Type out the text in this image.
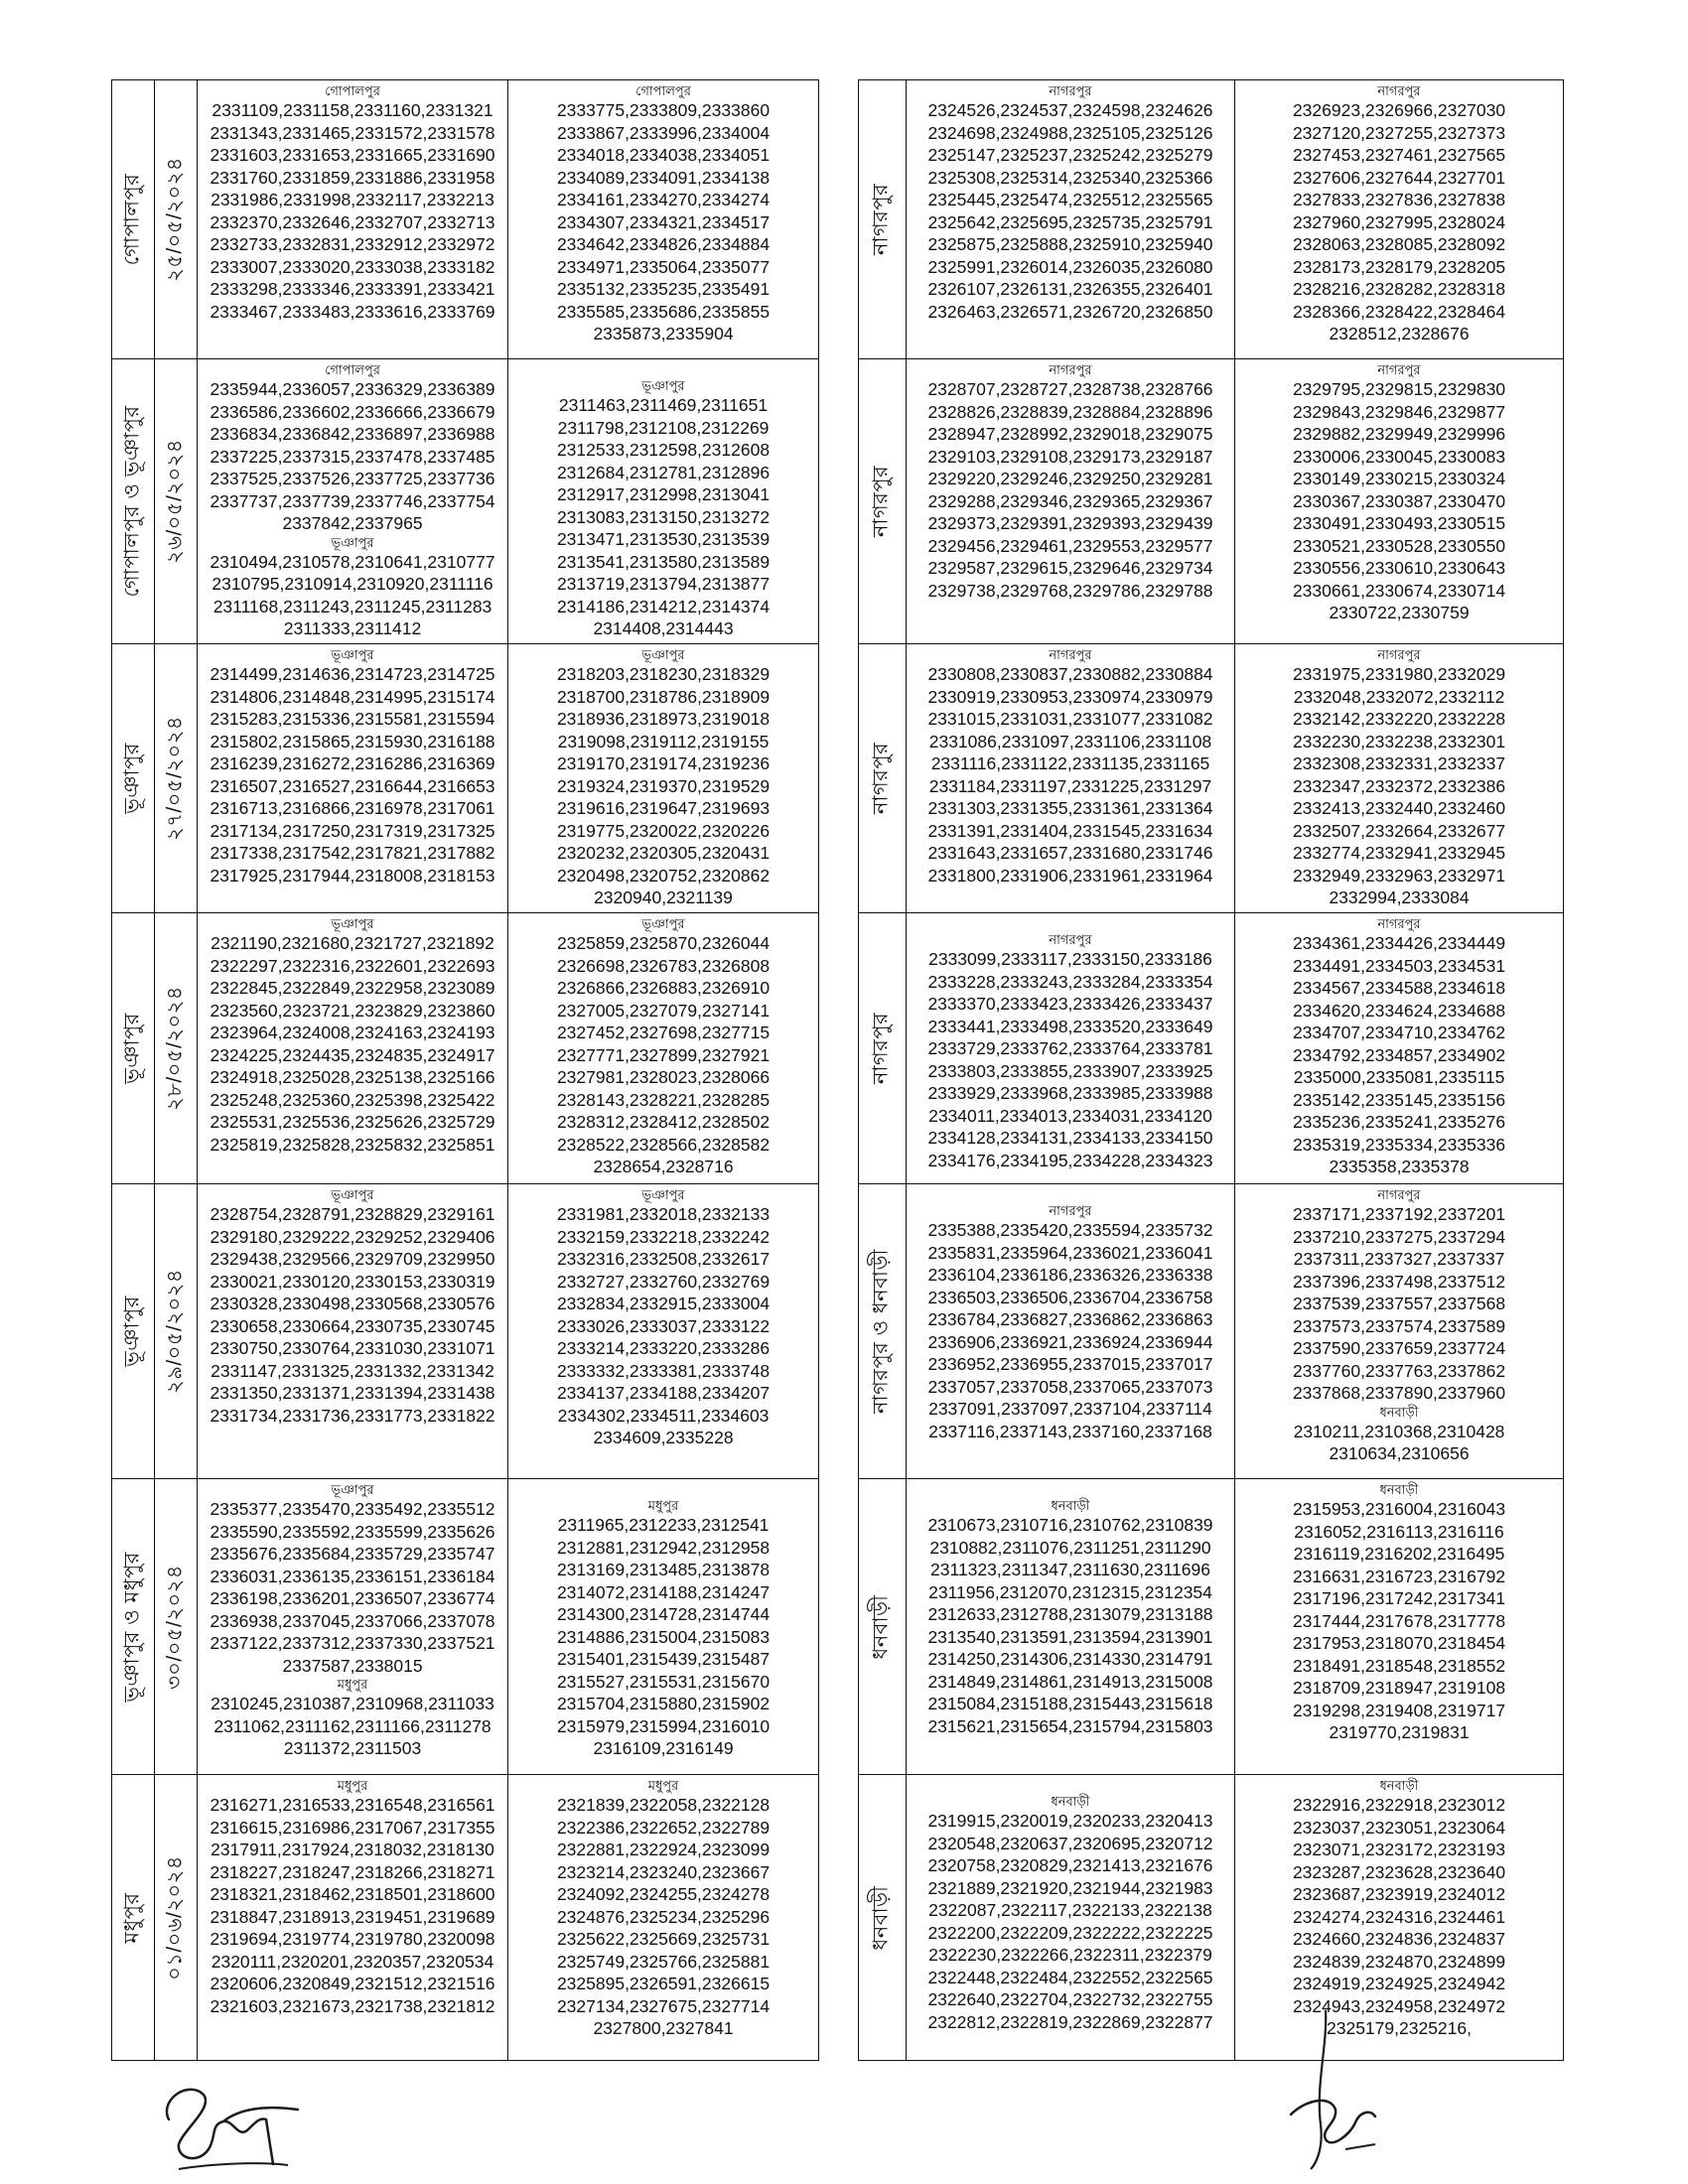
গোপালপুর ২৫/০৫/২০২৪
গোপালপুর
2331109,2331158,2331160,2331321
2331343,2331465,2331572,2331578
2331603,2331653,2331665,2331690
2331760,2331859,2331886,2331958
2331986,2331998,2332117,2332213
2332370,2332646,2332707,2332713
2332733,2332831,2332912,2332972
2333007,2333020,2333038,2333182
2333298,2333346,2333391,2333421
2333467,2333483,2333616,2333769
গোপালপুর
2333775,2333809,2333860
2333867,2333996,2334004
2334018,2334038,2334051
2334089,2334091,2334138
2334161,2334270,2334274
2334307,2334321,2334517
2334642,2334826,2334884
2334971,2335064,2335077
2335132,2335235,2335491
2335585,2335686,2335855
2335873,2335904
গোপালপুর ও ভূঞাপুর ২৬/০৫/২০২৪
গোপালপুর
2335944,2336057,2336329,2336389
2336586,2336602,2336666,2336679
2336834,2336842,2336897,2336988
2337225,2337315,2337478,2337485
2337525,2337526,2337725,2337736
2337737,2337739,2337746,2337754
2337842,2337965
ভূঞাপুর
2310494,2310578,2310641,2310777
2310795,2310914,2310920,2311116
2311168,2311243,2311245,2311283
2311333,2311412
ভূঞাপুর
2311463,2311469,2311651
2311798,2312108,2312269
2312533,2312598,2312608
2312684,2312781,2312896
2312917,2312998,2313041
2313083,2313150,2313272
2313471,2313530,2313539
2313541,2313580,2313589
2313719,2313794,2313877
2314186,2314212,2314374
2314408,2314443
ভূঞাপুর ২৭/০৫/২০২৪
ভূঞাপুর
2314499,2314636,2314723,2314725
2314806,2314848,2314995,2315174
2315283,2315336,2315581,2315594
2315802,2315865,2315930,2316188
2316239,2316272,2316286,2316369
2316507,2316527,2316644,2316653
2316713,2316866,2316978,2317061
2317134,2317250,2317319,2317325
2317338,2317542,2317821,2317882
2317925,2317944,2318008,2318153
ভূঞাপুর
2318203,2318230,2318329
2318700,2318786,2318909
2318936,2318973,2319018
2319098,2319112,2319155
2319170,2319174,2319236
2319324,2319370,2319529
2319616,2319647,2319693
2319775,2320022,2320226
2320232,2320305,2320431
2320498,2320752,2320862
2320940,2321139
ভূঞাপুর ২৮/০৫/২০২৪
ভূঞাপুর
2321190,2321680,2321727,2321892
2322297,2322316,2322601,2322693
2322845,2322849,2322958,2323089
2323560,2323721,2323829,2323860
2323964,2324008,2324163,2324193
2324225,2324435,2324835,2324917
2324918,2325028,2325138,2325166
2325248,2325360,2325398,2325422
2325531,2325536,2325626,2325729
2325819,2325828,2325832,2325851
ভূঞাপুর
2325859,2325870,2326044
2326698,2326783,2326808
2326866,2326883,2326910
2327005,2327079,2327141
2327452,2327698,2327715
2327771,2327899,2327921
2327981,2328023,2328066
2328143,2328221,2328285
2328312,2328412,2328502
2328522,2328566,2328582
2328654,2328716
ভূঞাপুর ২৯/০৫/২০২৪
ভূঞাপুর
2328754,2328791,2328829,2329161
2329180,2329222,2329252,2329406
2329438,2329566,2329709,2329950
2330021,2330120,2330153,2330319
2330328,2330498,2330568,2330576
2330658,2330664,2330735,2330745
2330750,2330764,2331030,2331071
2331147,2331325,2331332,2331342
2331350,2331371,2331394,2331438
2331734,2331736,2331773,2331822
ভূঞাপুর
2331981,2332018,2332133
2332159,2332218,2332242
2332316,2332508,2332617
2332727,2332760,2332769
2332834,2332915,2333004
2333026,2333037,2333122
2333214,2333220,2333286
2333332,2333381,2333748
2334137,2334188,2334207
2334302,2334511,2334603
2334609,2335228
ভূঞাপুর ও মধুপুর ৩০/০৫/২০২৪
ভূঞাপুর
2335377,2335470,2335492,2335512
2335590,2335592,2335599,2335626
2335676,2335684,2335729,2335747
2336031,2336135,2336151,2336184
2336198,2336201,2336507,2336774
2336938,2337045,2337066,2337078
2337122,2337312,2337330,2337521
2337587,2338015
মধুপুর
2310245,2310387,2310968,2311033
2311062,2311162,2311166,2311278
2311372,2311503
মধুপুর
2311965,2312233,2312541
2312881,2312942,2312958
2313169,2313485,2313878
2314072,2314188,2314247
2314300,2314728,2314744
2314886,2315004,2315083
2315401,2315439,2315487
2315527,2315531,2315670
2315704,2315880,2315902
2315979,2315994,2316010
2316109,2316149
মধুপুর ০১/০৬/২০২৪
মধুপুর
2316271,2316533,2316548,2316561
2316615,2316986,2317067,2317355
2317911,2317924,2318032,2318130
2318227,2318247,2318266,2318271
2318321,2318462,2318501,2318600
2318847,2318913,2319451,2319689
2319694,2319774,2319780,2320098
2320111,2320201,2320357,2320534
2320606,2320849,2321512,2321516
2321603,2321673,2321738,2321812
মধুপুর
2321839,2322058,2322128
2322386,2322652,2322789
2322881,2322924,2323099
2323214,2323240,2323667
2324092,2324255,2324278
2324876,2325234,2325296
2325622,2325669,2325731
2325749,2325766,2325881
2325895,2326591,2326615
2327134,2327675,2327714
2327800,2327841
নাগরপুর
নাগরপুর
2324526,2324537,2324598,2324626
2324698,2324988,2325105,2325126
2325147,2325237,2325242,2325279
2325308,2325314,2325340,2325366
2325445,2325474,2325512,2325565
2325642,2325695,2325735,2325791
2325875,2325888,2325910,2325940
2325991,2326014,2326035,2326080
2326107,2326131,2326355,2326401
2326463,2326571,2326720,2326850
নাগরপুর
2326923,2326966,2327030
2327120,2327255,2327373
2327453,2327461,2327565
2327606,2327644,2327701
2327833,2327836,2327838
2327960,2327995,2328024
2328063,2328085,2328092
2328173,2328179,2328205
2328216,2328282,2328318
2328366,2328422,2328464
2328512,2328676
নাগরপুর
নাগরপুর
2328707,2328727,2328738,2328766
2328826,2328839,2328884,2328896
2328947,2328992,2329018,2329075
2329103,2329108,2329173,2329187
2329220,2329246,2329250,2329281
2329288,2329346,2329365,2329367
2329373,2329391,2329393,2329439
2329456,2329461,2329553,2329577
2329587,2329615,2329646,2329734
2329738,2329768,2329786,2329788
নাগরপুর
2329795,2329815,2329830
2329843,2329846,2329877
2329882,2329949,2329996
2330006,2330045,2330083
2330149,2330215,2330324
2330367,2330387,2330470
2330491,2330493,2330515
2330521,2330528,2330550
2330556,2330610,2330643
2330661,2330674,2330714
2330722,2330759
নাগরপুর
নাগরপুর
2330808,2330837,2330882,2330884
2330919,2330953,2330974,2330979
2331015,2331031,2331077,2331082
2331086,2331097,2331106,2331108
2331116,2331122,2331135,2331165
2331184,2331197,2331225,2331297
2331303,2331355,2331361,2331364
2331391,2331404,2331545,2331634
2331643,2331657,2331680,2331746
2331800,2331906,2331961,2331964
নাগরপুর
2331975,2331980,2332029
2332048,2332072,2332112
2332142,2332220,2332228
2332230,2332238,2332301
2332308,2332331,2332337
2332347,2332372,2332386
2332413,2332440,2332460
2332507,2332664,2332677
2332774,2332941,2332945
2332949,2332963,2332971
2332994,2333084
নাগরপুর
নাগরপুর
2333099,2333117,2333150,2333186
2333228,2333243,2333284,2333354
2333370,2333423,2333426,2333437
2333441,2333498,2333520,2333649
2333729,2333762,2333764,2333781
2333803,2333855,2333907,2333925
2333929,2333968,2333985,2333988
2334011,2334013,2334031,2334120
2334128,2334131,2334133,2334150
2334176,2334195,2334228,2334323
নাগরপুর
2334361,2334426,2334449
2334491,2334503,2334531
2334567,2334588,2334618
2334620,2334624,2334688
2334707,2334710,2334762
2334792,2334857,2334902
2335000,2335081,2335115
2335142,2335145,2335156
2335236,2335241,2335276
2335319,2335334,2335336
2335358,2335378
নাগরপুর ও ধনবাড়ী
নাগরপুর
2335388,2335420,2335594,2335732
2335831,2335964,2336021,2336041
2336104,2336186,2336326,2336338
2336503,2336506,2336704,2336758
2336784,2336827,2336862,2336863
2336906,2336921,2336924,2336944
2336952,2336955,2337015,2337017
2337057,2337058,2337065,2337073
2337091,2337097,2337104,2337114
2337116,2337143,2337160,2337168
নাগরপুর
2337171,2337192,2337201
2337210,2337275,2337294
2337311,2337327,2337337
2337396,2337498,2337512
2337539,2337557,2337568
2337573,2337574,2337589
2337590,2337659,2337724
2337760,2337763,2337862
2337868,2337890,2337960
ধনবাড়ী
2310211,2310368,2310428
2310634,2310656
ধনবাড়ী
ধনবাড়ী
2310673,2310716,2310762,2310839
2310882,2311076,2311251,2311290
2311323,2311347,2311630,2311696
2311956,2312070,2312315,2312354
2312633,2312788,2313079,2313188
2313540,2313591,2313594,2313901
2314250,2314306,2314330,2314791
2314849,2314861,2314913,2315008
2315084,2315188,2315443,2315618
2315621,2315654,2315794,2315803
ধনবাড়ী
2315953,2316004,2316043
2316052,2316113,2316116
2316119,2316202,2316495
2316631,2316723,2316792
2317196,2317242,2317341
2317444,2317678,2317778
2317953,2318070,2318454
2318491,2318548,2318552
2318709,2318947,2319108
2319298,2319408,2319717
2319770,2319831
ধনবাড়ী
ধনবাড়ী
2319915,2320019,2320233,2320413
2320548,2320637,2320695,2320712
2320758,2320829,2321413,2321676
2321889,2321920,2321944,2321983
2322087,2322117,2322133,2322138
2322200,2322209,2322222,2322225
2322230,2322266,2322311,2322379
2322448,2322484,2322552,2322565
2322640,2322704,2322732,2322755
2322812,2322819,2322869,2322877
ধনবাড়ী
2322916,2322918,2323012
2323037,2323051,2323064
2323071,2323172,2323193
2323287,2323628,2323640
2323687,2323919,2324012
2324274,2324316,2324461
2324660,2324836,2324837
2324839,2324870,2324899
2324919,2324925,2324942
2324943,2324958,2324972
2325179,2325216,
